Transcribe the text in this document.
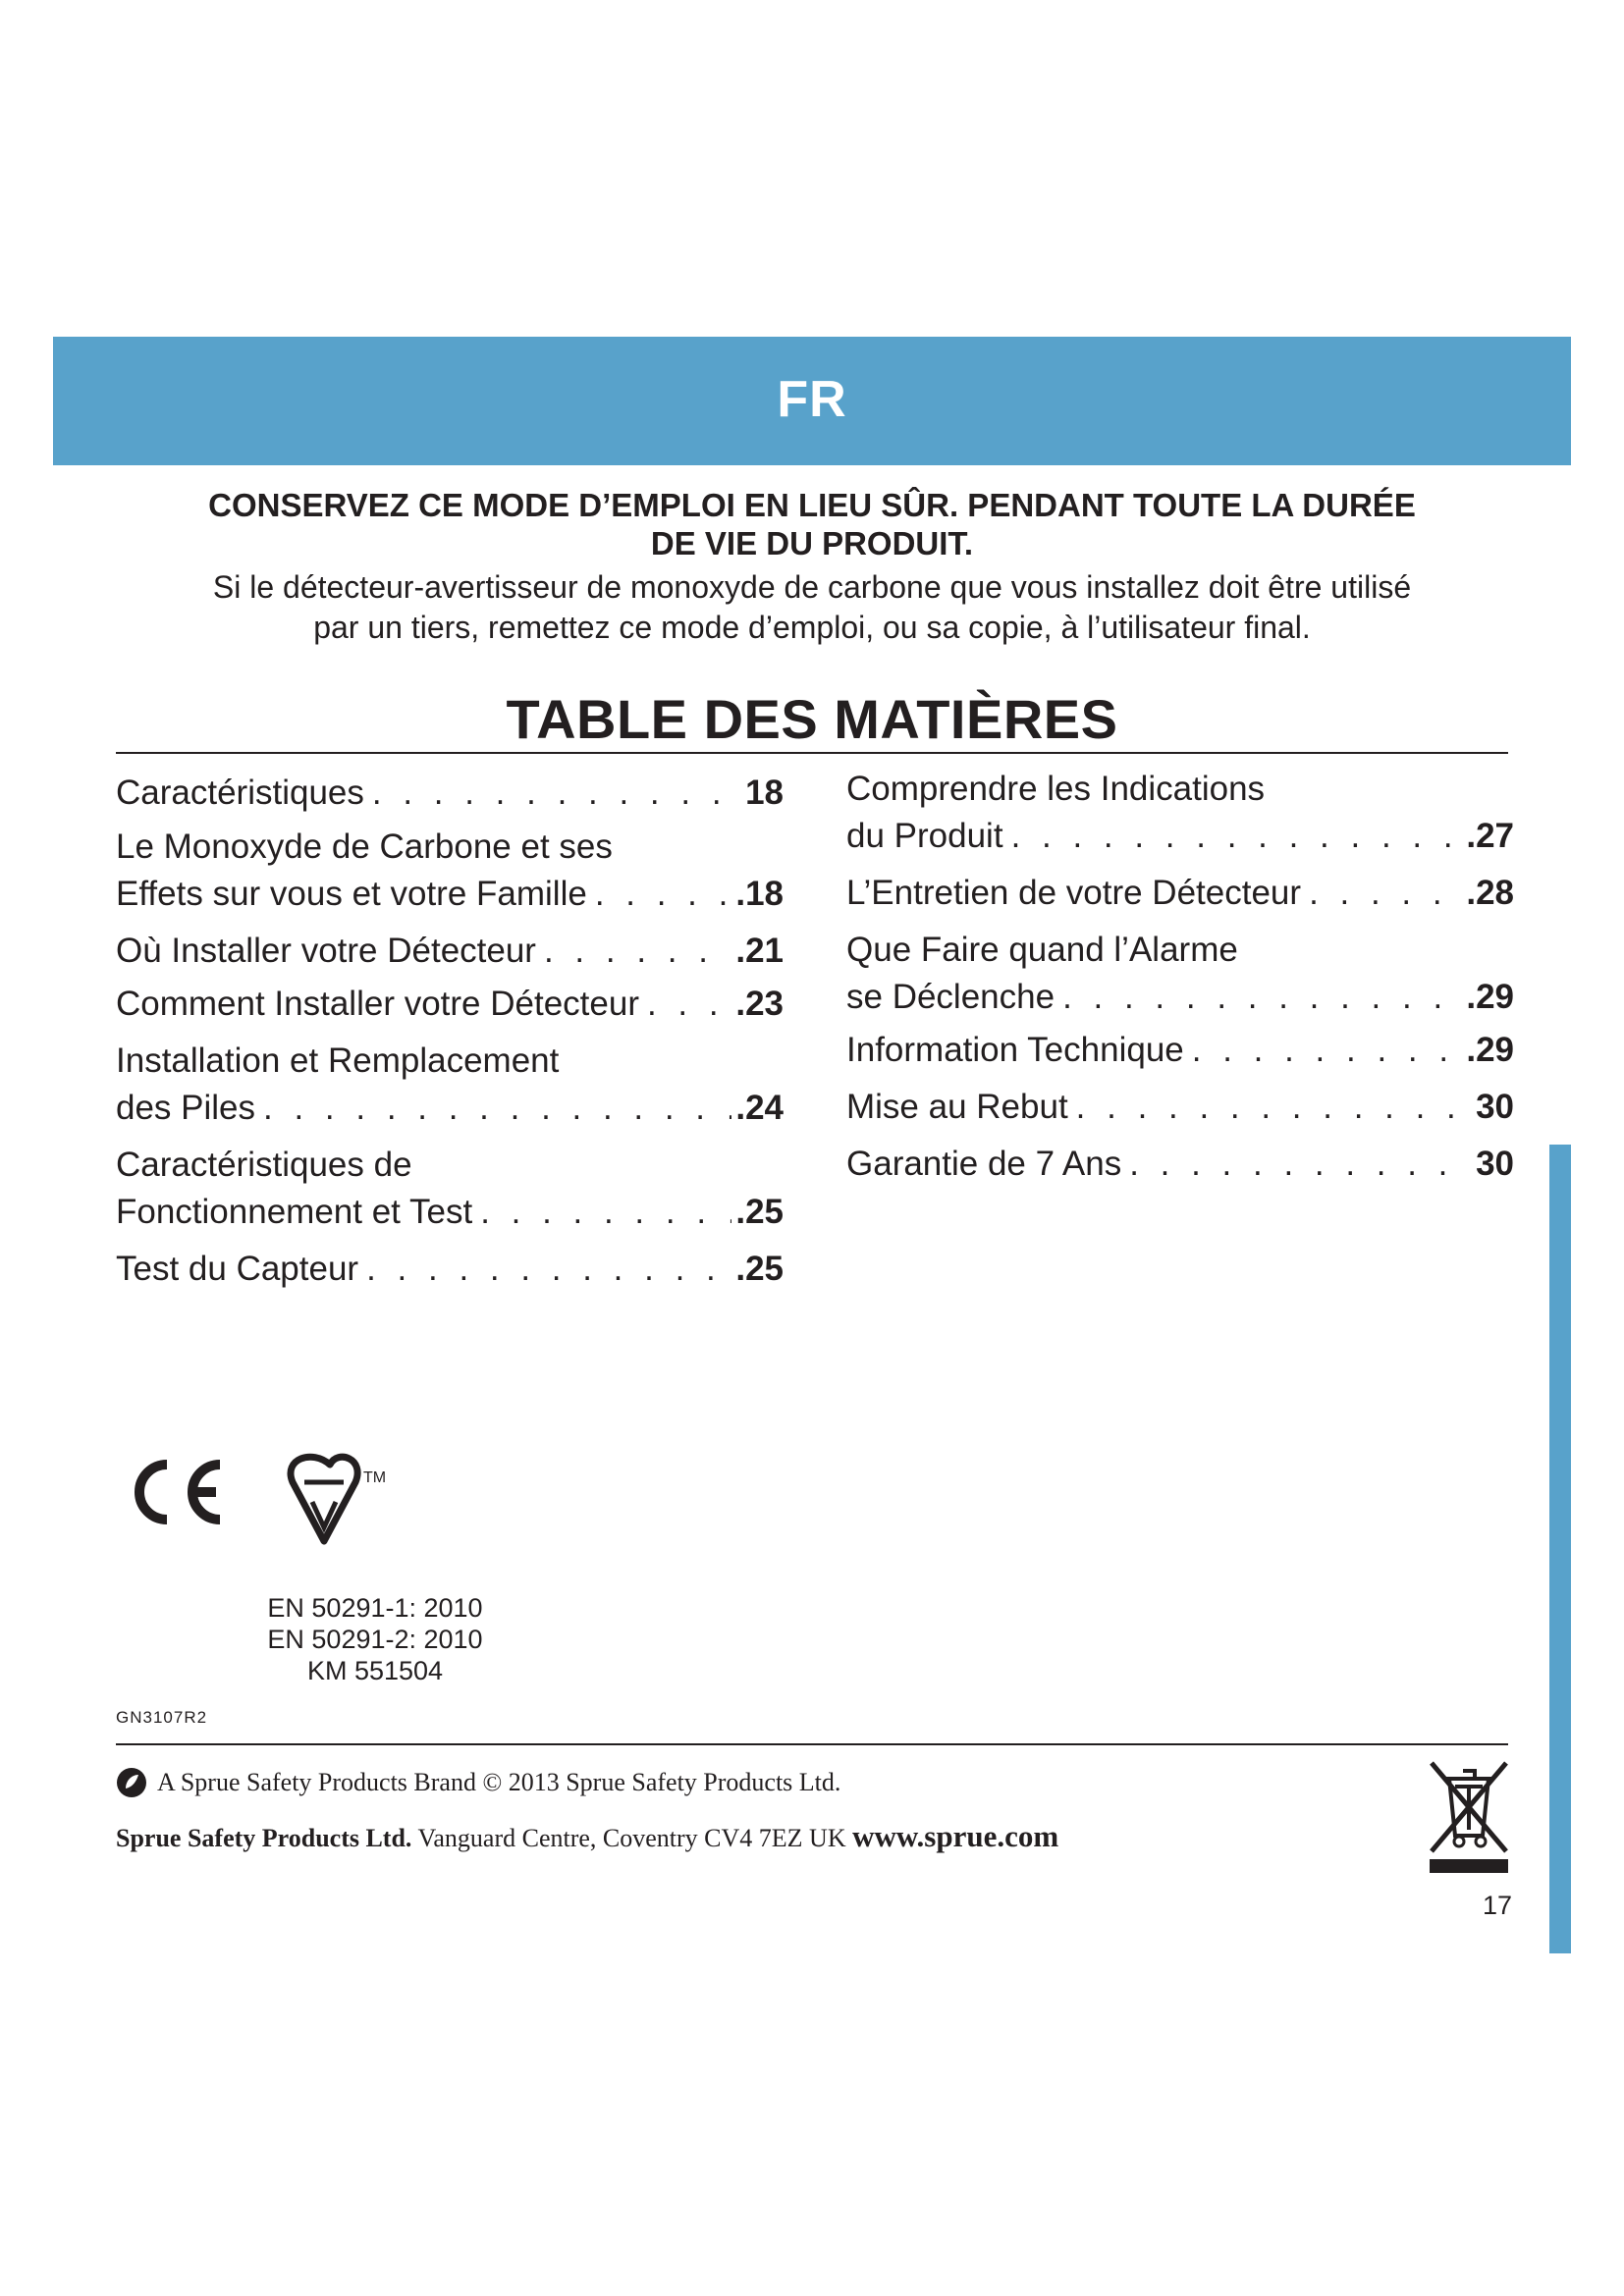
FR
CONSERVEZ CE MODE D’EMPLOI EN LIEU SÛR. PENDANT TOUTE LA DURÉE
DE VIE DU PRODUIT.
Si le détecteur-avertisseur de monoxyde de carbone que vous installez doit être utilisé
par un tiers, remettez ce mode d’emploi, ou sa copie, à l’utilisateur final.
TABLE DES MATIÈRES
Caractéristiques . . .	18
Le Monoxyde de Carbone et ses
Effets sur vous et votre Famille . . .	.18
Où Installer votre Détecteur . . .	.21
Comment Installer votre Détecteur . . .	.23
Installation et Remplacement
des Piles . . .	.24
Caractéristiques de
Fonctionnement et Test . . .	.25
Test du Capteur . . .	.25
Comprendre les Indications
du Produit . . .	.27
L’Entretien de votre Détecteur . . .	.28
Que Faire quand l’Alarme
se Déclenche . . .	.29
Information Technique . . .	.29
Mise au Rebut . . .	30
Garantie de 7 Ans . . .	30
TM
EN 50291-1: 2010
EN 50291-2: 2010
KM 551504
GN3107R2
A Sprue Safety Products Brand © 2013 Sprue Safety Products Ltd.
Sprue Safety Products Ltd. Vanguard Centre, Coventry CV4 7EZ UK www.sprue.com
17
